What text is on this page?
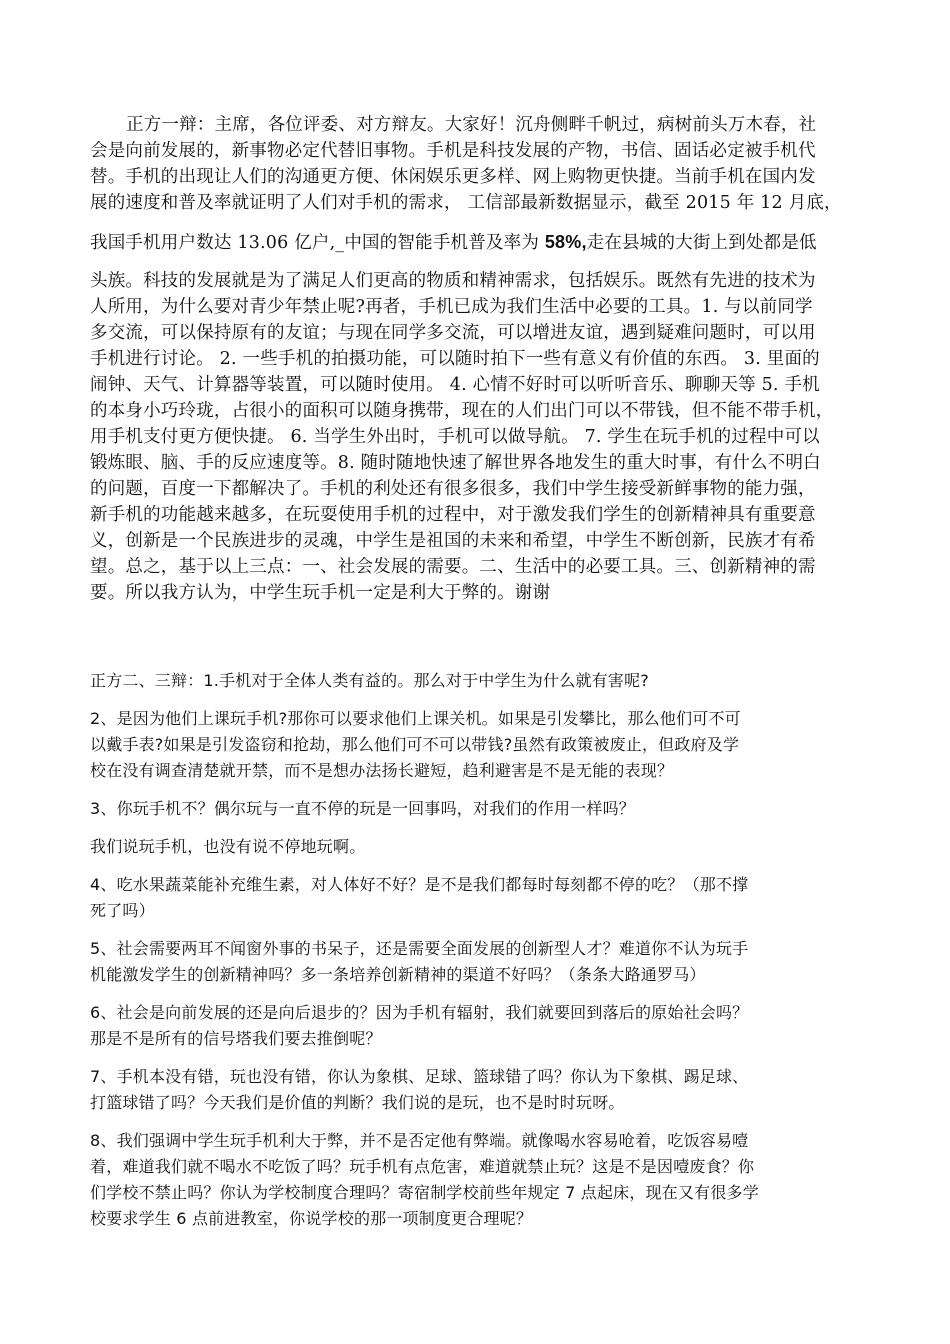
正方一辩：主席，各位评委、对方辩友。大家好！沉舟侧畔千帆过，病树前头万木春，社
会是向前发展的，新事物必定代替旧事物。手机是科技发展的产物，书信、固话必定被手机代
替。手机的出现让人们的沟通更方便、休闲娱乐更多样、网上购物更快捷。当前手机在国内发
展的速度和普及率就证明了人们对手机的需求， 工信部最新数据显示，截至 2015 年 12 月底，
我国手机用户数达 13.06 亿户,_中国的智能手机普及率为 58%,走在县城的大街上到处都是低
头族。科技的发展就是为了满足人们更高的物质和精神需求，包括娱乐。既然有先进的技术为
人所用，为什么要对青少年禁止呢?再者，手机已成为我们生活中必要的工具。1. 与以前同学
多交流，可以保持原有的友谊；与现在同学多交流，可以增进友谊，遇到疑难问题时，可以用
手机进行讨论。 2. 一些手机的拍摄功能，可以随时拍下一些有意义有价值的东西。 3. 里面的
闹钟、天气、计算器等装置，可以随时使用。 4. 心情不好时可以听听音乐、聊聊天等 5. 手机
的本身小巧玲珑，占很小的面积可以随身携带，现在的人们出门可以不带钱，但不能不带手机，
用手机支付更方便快捷。 6. 当学生外出时，手机可以做导航。 7. 学生在玩手机的过程中可以
锻炼眼、脑、手的反应速度等。8. 随时随地快速了解世界各地发生的重大时事，有什么不明白
的问题，百度一下都解决了。手机的利处还有很多很多，我们中学生接受新鲜事物的能力强，
新手机的功能越来越多，在玩耍使用手机的过程中，对于激发我们学生的创新精神具有重要意
义，创新是一个民族进步的灵魂，中学生是祖国的未来和希望，中学生不断创新，民族才有希
望。总之，基于以上三点：一、社会发展的需要。二、生活中的必要工具。三、创新精神的需
要。所以我方认为，中学生玩手机一定是利大于弊的。谢谢
正方二、三辩：1.手机对于全体人类有益的。那么对于中学生为什么就有害呢?
2、是因为他们上课玩手机?那你可以要求他们上课关机。如果是引发攀比，那么他们可不可
以戴手表?如果是引发盗窃和抢劫，那么他们可不可以带钱?虽然有政策被废止，但政府及学
校在没有调查清楚就开禁，而不是想办法扬长避短，趋利避害是不是无能的表现？
3、你玩手机不？偶尔玩与一直不停的玩是一回事吗，对我们的作用一样吗？
我们说玩手机，也没有说不停地玩啊。
4、吃水果蔬菜能补充维生素，对人体好不好？是不是我们都每时每刻都不停的吃？（那不撑
死了吗）
5、社会需要两耳不闻窗外事的书呆子，还是需要全面发展的创新型人才？难道你不认为玩手
机能激发学生的创新精神吗？多一条培养创新精神的渠道不好吗？（条条大路通罗马）
6、社会是向前发展的还是向后退步的？因为手机有辐射，我们就要回到落后的原始社会吗？
那是不是所有的信号塔我们要去推倒呢？
7、手机本没有错，玩也没有错，你认为象棋、足球、篮球错了吗？你认为下象棋、踢足球、
打篮球错了吗？今天我们是价值的判断？我们说的是玩，也不是时时玩呀。
8、我们强调中学生玩手机利大于弊，并不是否定他有弊端。就像喝水容易呛着，吃饭容易噎
着，难道我们就不喝水不吃饭了吗？玩手机有点危害，难道就禁止玩？这是不是因噎废食？你
们学校不禁止吗？你认为学校制度合理吗？寄宿制学校前些年规定 7 点起床，现在又有很多学
校要求学生 6 点前进教室，你说学校的那一项制度更合理呢？
